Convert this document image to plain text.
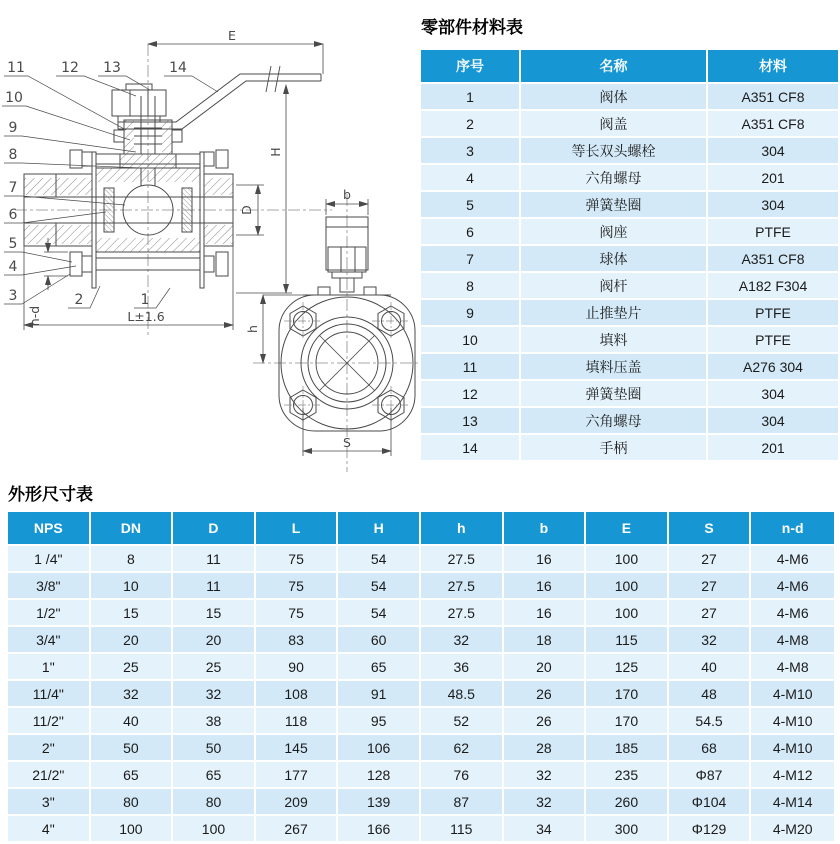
E
H
D
L±1.6
n-d
b
h
S
11	12 13	14
10
9
8
7
6
5
4
3	2	1
零部件材料表
序号	名称	材料
1	阀体	A351 CF8
2	阀盖	A351 CF8
3	等长双头螺栓	304
4	六角螺母	201
5	弹簧垫圈	304
6	阀座	PTFE
7	球体	A351 CF8
8	阀杆	A182 F304
9	止推垫片	PTFE
10	填料	PTFE
11	填料压盖	A276 304
12	弹簧垫圈	304
13	六角螺母	304
14	手柄	201
外形尺寸表
NPS	DN	D	L	H	h	b	E	S	n-d
1 /4"	8	11	75	54	27.5	16	100	27	4-M6
3/8"	10	11	75	54	27.5	16	100	27	4-M6
1/2"	15	15	75	54	27.5	16	100	27	4-M6
3/4"	20	20	83	60	32	18	115	32	4-M8
1"	25	25	90	65	36	20	125	40	4-M8
11/4"	32	32	108	91	48.5	26	170	48	4-M10
11/2"	40	38	118	95	52	26	170	54.5	4-M10
2"	50	50	145	106	62	28	185	68	4-M10
21/2"	65	65	177	128	76	32	235	Φ87	4-M12
3"	80	80	209	139	87	32	260	Φ104	4-M14
4"	100	100	267	166	115	34	300	Φ129	4-M20
